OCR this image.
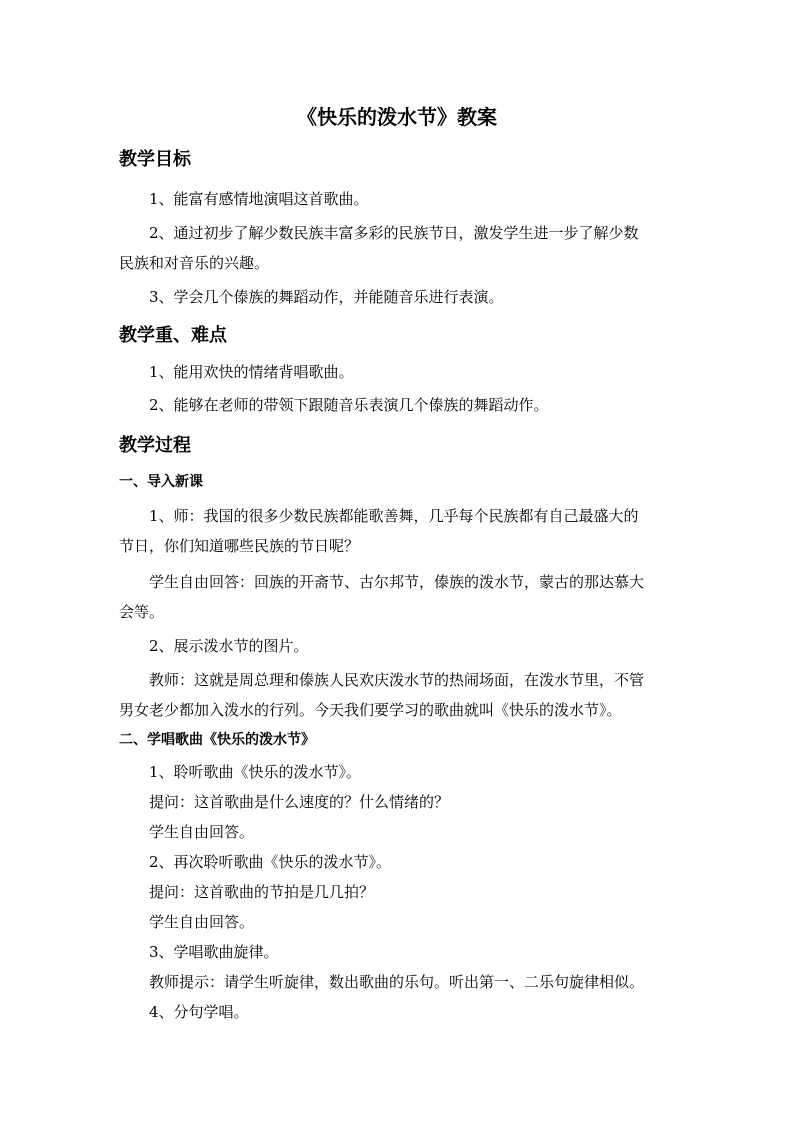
《快乐的泼水节》教案
教学目标

1、能富有感情地演唱这首歌曲。

2、通过初步了解少数民族丰富多彩的民族节日，激发学生进一步了解少数

民族和对音乐的兴趣。

3、学会几个傣族的舞蹈动作，并能随音乐进行表演。

教学重、难点

1、能用欢快的情绪背唱歌曲。

2、能够在老师的带领下跟随音乐表演几个傣族的舞蹈动作。

教学过程
一、导入新课

1、师：我国的很多少数民族都能歌善舞，几乎每个民族都有自己最盛大的

节日，你们知道哪些民族的节日呢？

学生自由回答：回族的开斋节、古尔邦节，傣族的泼水节，蒙古的那达慕大

会等。

2、展示泼水节的图片。

教师：这就是周总理和傣族人民欢庆泼水节的热闹场面，在泼水节里，不管

男女老少都加入泼水的行列。今天我们要学习的歌曲就叫《快乐的泼水节》。

二、学唱歌曲《快乐的泼水节》

1、聆听歌曲《快乐的泼水节》。

提问：这首歌曲是什么速度的？什么情绪的？

学生自由回答。

2、再次聆听歌曲《快乐的泼水节》。

提问：这首歌曲的节拍是几几拍？

学生自由回答。

3、学唱歌曲旋律。

教师提示：请学生听旋律，数出歌曲的乐句。听出第一、二乐句旋律相似。

4、分句学唱。
